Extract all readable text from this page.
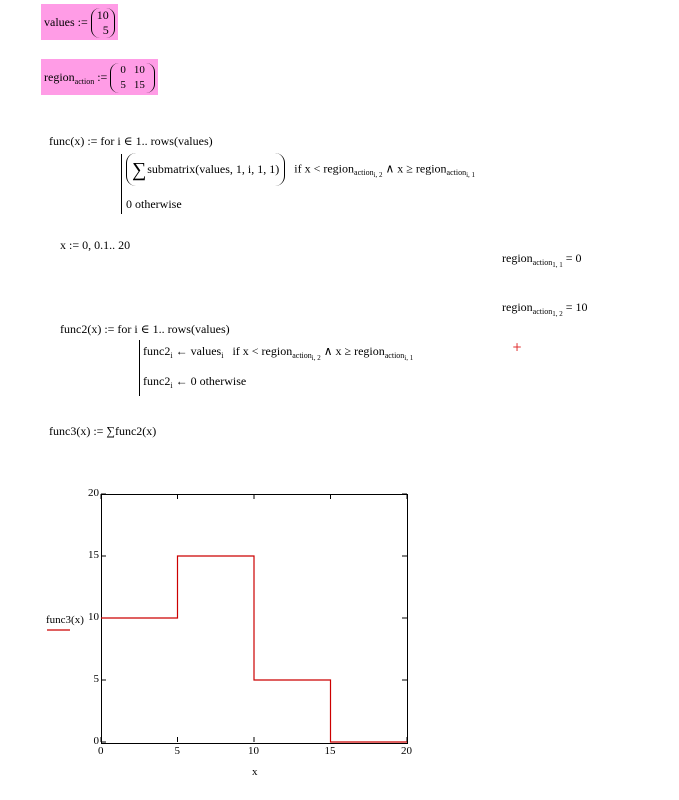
values := 10
5
region$_{action}$ := 0	10
5	15
func(x) := for i ∈ 1.. rows(values)
∑submatrix(values, 1, i, 1, 1) if x < region$_{action_{i, 2}}$ ∧ x ≥ region$_{action_{i, 1}}$
0 otherwise
x := 0, 0.1.. 20
region$_{action_{1, 1}}$ = 0
region$_{action_{1, 2}}$ = 10
func2(x) := for i ∈ 1.. rows(values)
$func2_i$ ← values$_i$ if x < region$_{action_{i, 2}}$ ∧ x ≥ region$_{action_{i, 1}}$
$func2_i$ ← 0 otherwise
+
func3(x) := ∑func2(x)
0
5
10
15
20
0	5	10	15	20
func3(x)
x
